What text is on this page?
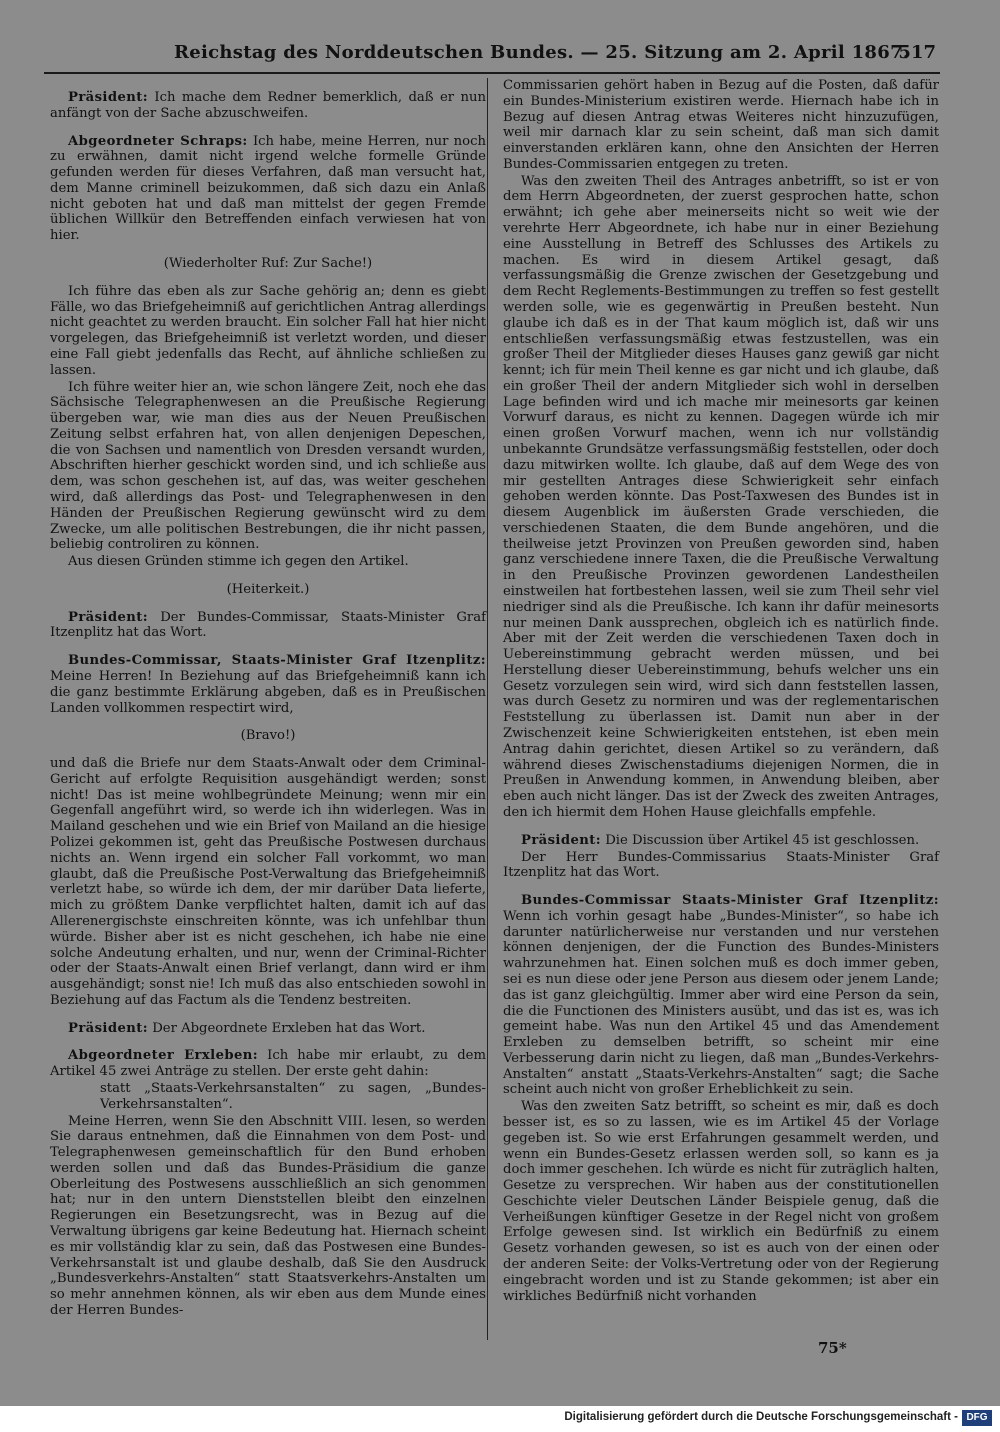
Reichstag des Norddeutschen Bundes. — 25. Sitzung am 2. April 1867.
517

Präsident: Ich mache dem Redner bemerklich, daß er nun anfängt von der Sache abzuschweifen.

Abgeordneter Schraps: Ich habe, meine Herren, nur noch zu erwähnen, damit nicht irgend welche formelle Gründe gefunden werden für dieses Verfahren, daß man versucht hat, dem Manne criminell beizukommen, daß sich dazu ein Anlaß nicht geboten hat und daß man mittelst der gegen Fremde üblichen Willkür den Betreffenden einfach verwiesen hat von hier.

(Wiederholter Ruf: Zur Sache!)

Ich führe das eben als zur Sache gehörig an; denn es giebt Fälle, wo das Briefgeheimniß auf gerichtlichen Antrag allerdings nicht geachtet zu werden braucht. Ein solcher Fall hat hier nicht vorgelegen, das Briefgeheimniß ist verletzt worden, und dieser eine Fall giebt jedenfalls das Recht, auf ähnliche schließen zu lassen.

Ich führe weiter hier an, wie schon längere Zeit, noch ehe das Sächsische Telegraphenwesen an die Preußische Regierung übergeben war, wie man dies aus der Neuen Preußischen Zeitung selbst erfahren hat, von allen denjenigen Depeschen, die von Sachsen und namentlich von Dresden versandt wurden, Abschriften hierher geschickt worden sind, und ich schließe aus dem, was schon geschehen ist, auf das, was weiter geschehen wird, daß allerdings das Post- und Telegraphenwesen in den Händen der Preußischen Regierung gewünscht wird zu dem Zwecke, um alle politischen Bestrebungen, die ihr nicht passen, beliebig controliren zu können.

Aus diesen Gründen stimme ich gegen den Artikel.

(Heiterkeit.)

Präsident: Der Bundes-Commissar, Staats-Minister Graf Itzenplitz hat das Wort.

Bundes-Commissar, Staats-Minister Graf Itzenplitz: Meine Herren! In Beziehung auf das Briefgeheimniß kann ich die ganz bestimmte Erklärung abgeben, daß es in Preußischen Landen vollkommen respectirt wird,

(Bravo!)

und daß die Briefe nur dem Staats-Anwalt oder dem Criminal-Gericht auf erfolgte Requisition ausgehändigt werden; sonst nicht! Das ist meine wohlbegründete Meinung; wenn mir ein Gegenfall angeführt wird, so werde ich ihn widerlegen. Was in Mailand geschehen und wie ein Brief von Mailand an die hiesige Polizei gekommen ist, geht das Preußische Postwesen durchaus nichts an. Wenn irgend ein solcher Fall vorkommt, wo man glaubt, daß die Preußische Post-Verwaltung das Briefgeheimniß verletzt habe, so würde ich dem, der mir darüber Data lieferte, mich zu größtem Danke verpflichtet halten, damit ich auf das Allerenergischste einschreiten könnte, was ich unfehlbar thun würde. Bisher aber ist es nicht geschehen, ich habe nie eine solche Andeutung erhalten, und nur, wenn der Criminal-Richter oder der Staats-Anwalt einen Brief verlangt, dann wird er ihm ausgehändigt; sonst nie! Ich muß das also entschieden sowohl in Beziehung auf das Factum als die Tendenz bestreiten.

Präsident: Der Abgeordnete Erxleben hat das Wort.

Abgeordneter Erxleben: Ich habe mir erlaubt, zu dem Artikel 45 zwei Anträge zu stellen. Der erste geht dahin:

statt „Staats-Verkehrsanstalten“ zu sagen, „Bundes-Verkehrsanstalten“.

Meine Herren, wenn Sie den Abschnitt VIII. lesen, so werden Sie daraus entnehmen, daß die Einnahmen von dem Post- und Telegraphenwesen gemeinschaftlich für den Bund erhoben werden sollen und daß das Bundes-Präsidium die ganze Oberleitung des Postwesens ausschließlich an sich genommen hat; nur in den untern Dienststellen bleibt den einzelnen Regierungen ein Besetzungsrecht, was in Bezug auf die Verwaltung übrigens gar keine Bedeutung hat. Hiernach scheint es mir vollständig klar zu sein, daß das Postwesen eine Bundes-Verkehrsanstalt ist und glaube deshalb, daß Sie den Ausdruck „Bundesverkehrs-Anstalten“ statt Staatsverkehrs-Anstalten um so mehr annehmen können, als wir eben aus dem Munde eines der Herren Bundes-

Commissarien gehört haben in Bezug auf die Posten, daß dafür ein Bundes-Ministerium existiren werde. Hiernach habe ich in Bezug auf diesen Antrag etwas Weiteres nicht hinzuzufügen, weil mir darnach klar zu sein scheint, daß man sich damit einverstanden erklären kann, ohne den Ansichten der Herren Bundes-Commissarien entgegen zu treten.

Was den zweiten Theil des Antrages anbetrifft, so ist er von dem Herrn Abgeordneten, der zuerst gesprochen hatte, schon erwähnt; ich gehe aber meinerseits nicht so weit wie der verehrte Herr Abgeordnete, ich habe nur in einer Beziehung eine Ausstellung in Betreff des Schlusses des Artikels zu machen. Es wird in diesem Artikel gesagt, daß verfassungsmäßig die Grenze zwischen der Gesetzgebung und dem Recht Reglements-Bestimmungen zu treffen so fest gestellt werden solle, wie es gegenwärtig in Preußen besteht. Nun glaube ich daß es in der That kaum möglich ist, daß wir uns entschließen verfassungsmäßig etwas festzustellen, was ein großer Theil der Mitglieder dieses Hauses ganz gewiß gar nicht kennt; ich für mein Theil kenne es gar nicht und ich glaube, daß ein großer Theil der andern Mitglieder sich wohl in derselben Lage befinden wird und ich mache mir meinesorts gar keinen Vorwurf daraus, es nicht zu kennen. Dagegen würde ich mir einen großen Vorwurf machen, wenn ich nur vollständig unbekannte Grundsätze verfassungsmäßig feststellen, oder doch dazu mitwirken wollte. Ich glaube, daß auf dem Wege des von mir gestellten Antrages diese Schwierigkeit sehr einfach gehoben werden könnte. Das Post-Taxwesen des Bundes ist in diesem Augenblick im äußersten Grade verschieden, die verschiedenen Staaten, die dem Bunde angehören, und die theilweise jetzt Provinzen von Preußen geworden sind, haben ganz verschiedene innere Taxen, die die Preußische Verwaltung in den Preußische Provinzen gewordenen Landestheilen einstweilen hat fortbestehen lassen, weil sie zum Theil sehr viel niedriger sind als die Preußische. Ich kann ihr dafür meinesorts nur meinen Dank aussprechen, obgleich ich es natürlich finde. Aber mit der Zeit werden die verschiedenen Taxen doch in Uebereinstimmung gebracht werden müssen, und bei Herstellung dieser Uebereinstimmung, behufs welcher uns ein Gesetz vorzulegen sein wird, wird sich dann feststellen lassen, was durch Gesetz zu normiren und was der reglementarischen Feststellung zu überlassen ist. Damit nun aber in der Zwischenzeit keine Schwierigkeiten entstehen, ist eben mein Antrag dahin gerichtet, diesen Artikel so zu verändern, daß während dieses Zwischenstadiums diejenigen Normen, die in Preußen in Anwendung kommen, in Anwendung bleiben, aber eben auch nicht länger. Das ist der Zweck des zweiten Antrages, den ich hiermit dem Hohen Hause gleichfalls empfehle.

Präsident: Die Discussion über Artikel 45 ist geschlossen.

Der Herr Bundes-Commissarius Staats-Minister Graf Itzenplitz hat das Wort.

Bundes-Commissar Staats-Minister Graf Itzenplitz: Wenn ich vorhin gesagt habe „Bundes-Minister“, so habe ich darunter natürlicherweise nur verstanden und nur verstehen können denjenigen, der die Function des Bundes-Ministers wahrzunehmen hat. Einen solchen muß es doch immer geben, sei es nun diese oder jene Person aus diesem oder jenem Lande; das ist ganz gleichgültig. Immer aber wird eine Person da sein, die die Functionen des Ministers ausübt, und das ist es, was ich gemeint habe. Was nun den Artikel 45 und das Amendement Erxleben zu demselben betrifft, so scheint mir eine Verbesserung darin nicht zu liegen, daß man „Bundes-Verkehrs-Anstalten“ anstatt „Staats-Verkehrs-Anstalten“ sagt; die Sache scheint auch nicht von großer Erheblichkeit zu sein.

Was den zweiten Satz betrifft, so scheint es mir, daß es doch besser ist, es so zu lassen, wie es im Artikel 45 der Vorlage gegeben ist. So wie erst Erfahrungen gesammelt werden, und wenn ein Bundes-Gesetz erlassen werden soll, so kann es ja doch immer geschehen. Ich würde es nicht für zuträglich halten, Gesetze zu versprechen. Wir haben aus der constitutionellen Geschichte vieler Deutschen Länder Beispiele genug, daß die Verheißungen künftiger Gesetze in der Regel nicht von großem Erfolge gewesen sind. Ist wirklich ein Bedürfniß zu einem Gesetz vorhanden gewesen, so ist es auch von der einen oder der anderen Seite: der Volks-Vertretung oder von der Regierung eingebracht worden und ist zu Stande gekommen; ist aber ein wirkliches Bedürfniß nicht vorhanden

75*
Digitalisierung gefördert durch die Deutsche Forschungsgemeinschaft - DFG
